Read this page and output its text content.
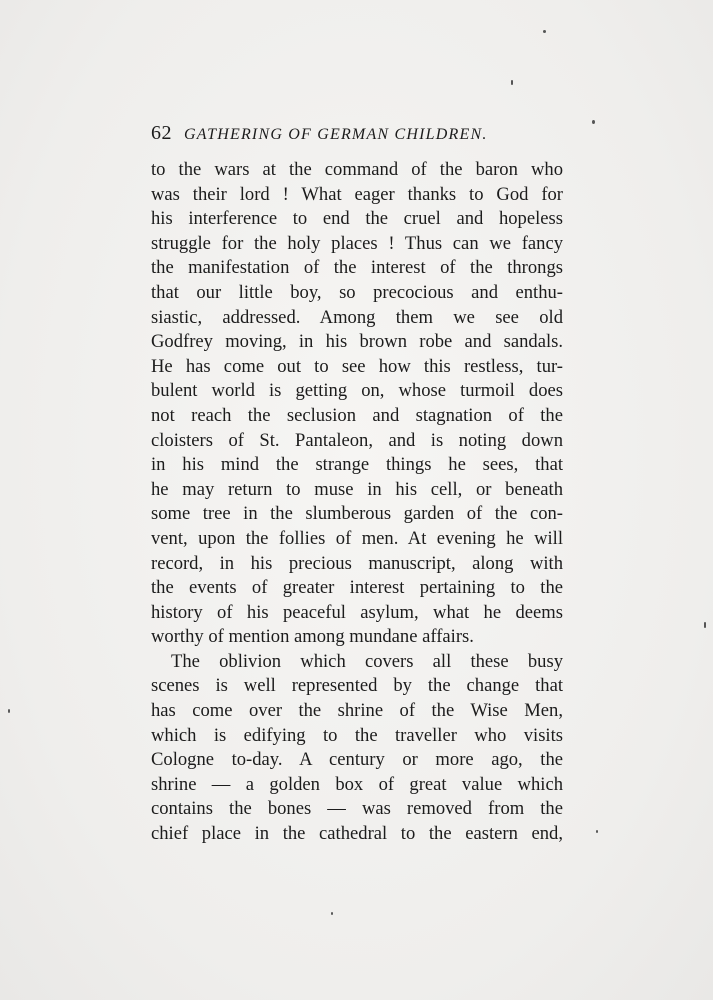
62 GATHERING OF GERMAN CHILDREN.
to the wars at the command of the baron who
was their lord ! What eager thanks to God for
his interference to end the cruel and hopeless
struggle for the holy places ! Thus can we fancy
the manifestation of the interest of the throngs
that our little boy, so precocious and enthu-
siastic, addressed. Among them we see old
Godfrey moving, in his brown robe and sandals.
He has come out to see how this restless, tur-
bulent world is getting on, whose turmoil does
not reach the seclusion and stagnation of the
cloisters of St. Pantaleon, and is noting down
in his mind the strange things he sees, that
he may return to muse in his cell, or beneath
some tree in the slumberous garden of the con-
vent, upon the follies of men. At evening he will
record, in his precious manuscript, along with
the events of greater interest pertaining to the
history of his peaceful asylum, what he deems
worthy of mention among mundane affairs.
The oblivion which covers all these busy
scenes is well represented by the change that
has come over the shrine of the Wise Men,
which is edifying to the traveller who visits
Cologne to-day. A century or more ago, the
shrine — a golden box of great value which
contains the bones — was removed from the
chief place in the cathedral to the eastern end,
